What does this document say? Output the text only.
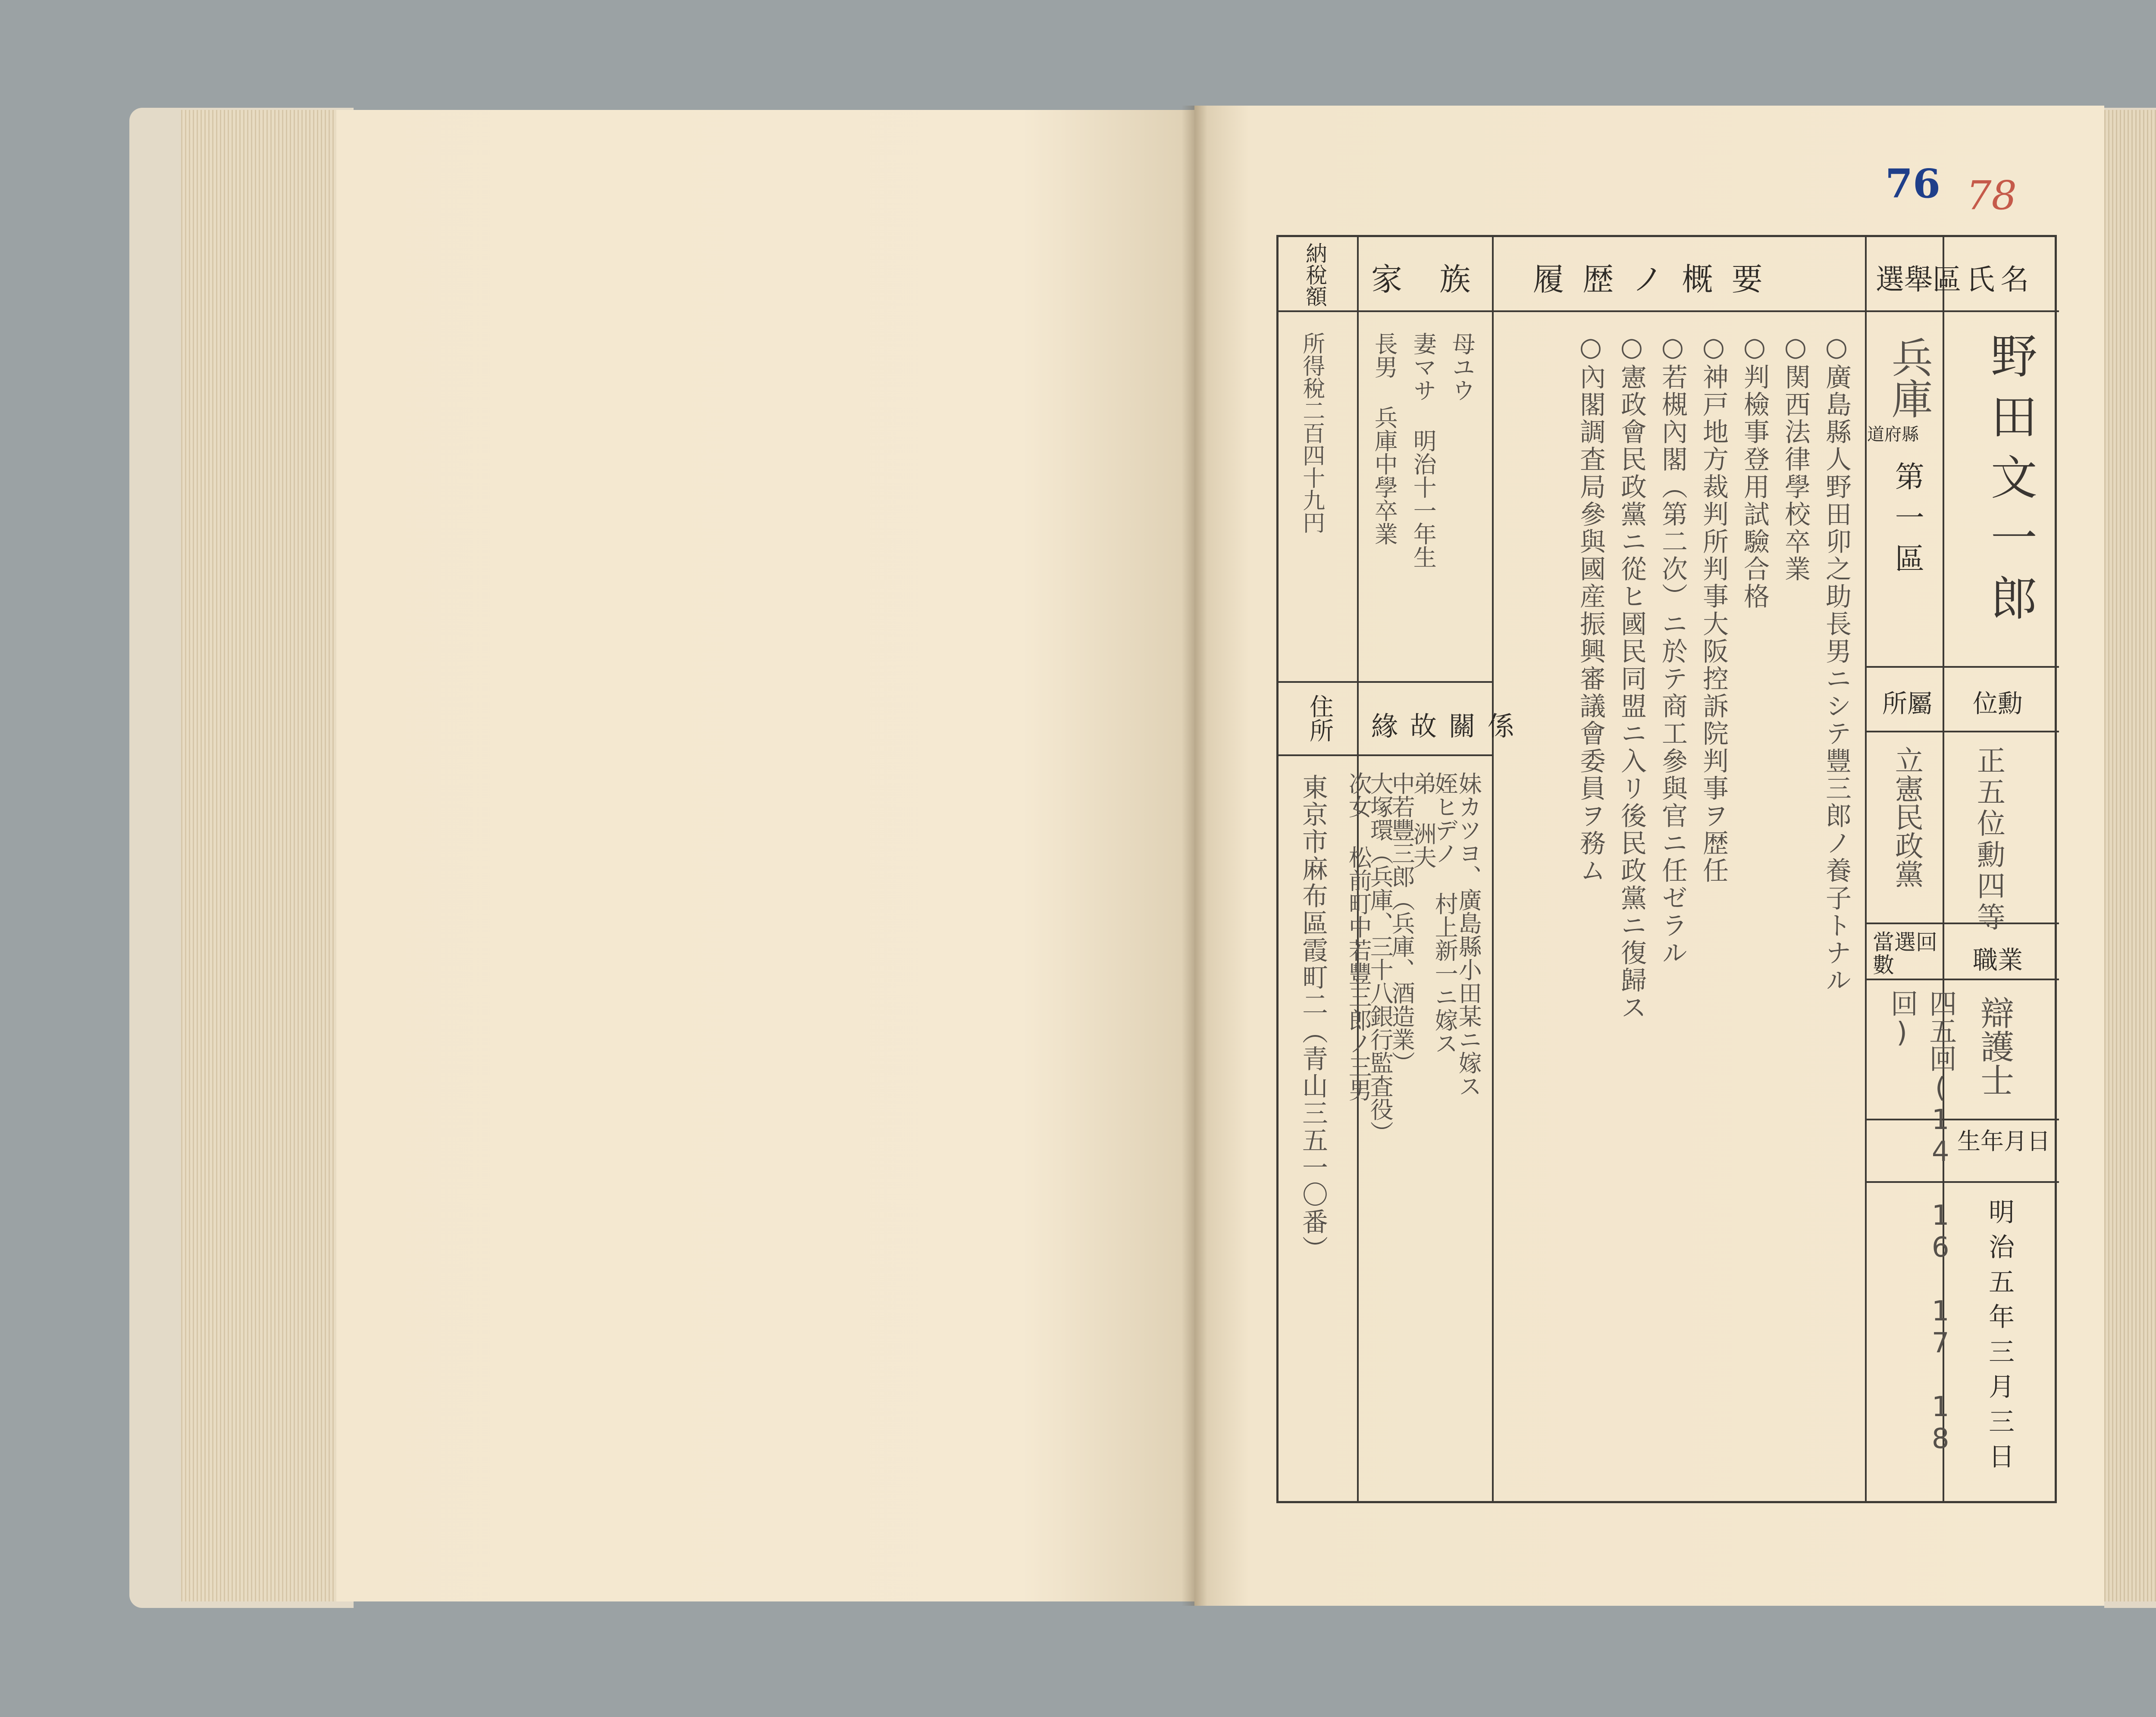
76 78

氏名

選舉區

履歴ノ概要

家族

納稅額

位勳

所屬

職業

當選回數

生年月日

緣故關係

住所

野田文一郎

兵庫

道府縣

第一區

正五位勳四等

立憲民政黨

辯護士

四五回(14 16 17 18回)

明治五年三月三日

所得稅二百四十九円

東京市麻布區霞町二（青山三五一〇番）

○廣島縣人野田卯之助長男ニシテ豐三郎ノ養子トナル

○関西法律學校卒業

○判檢事登用試驗合格

○神戸地方裁判所判事大阪控訴院判事ヲ歴任

○若槻內閣（第二次）ニ於テ商工參與官ニ任ゼラル

○憲政會民政黨ニ從ヒ國民同盟ニ入リ後民政黨ニ復歸ス

○內閣調査局參與國産振興審議會委員ヲ務ム

母ユウ

妻マサ 明治十一年生

長男 兵庫中學卒業

妹カツヨ、廣島縣小田某ニ嫁ス

姪ヒデノ 村上新一ニ嫁ス

弟 洲夫

中若豐三郎（兵庫、酒造業）

大塚環（兵庫、三十八銀行監査役）

次女 松前町中若豐三郎ノ三男
